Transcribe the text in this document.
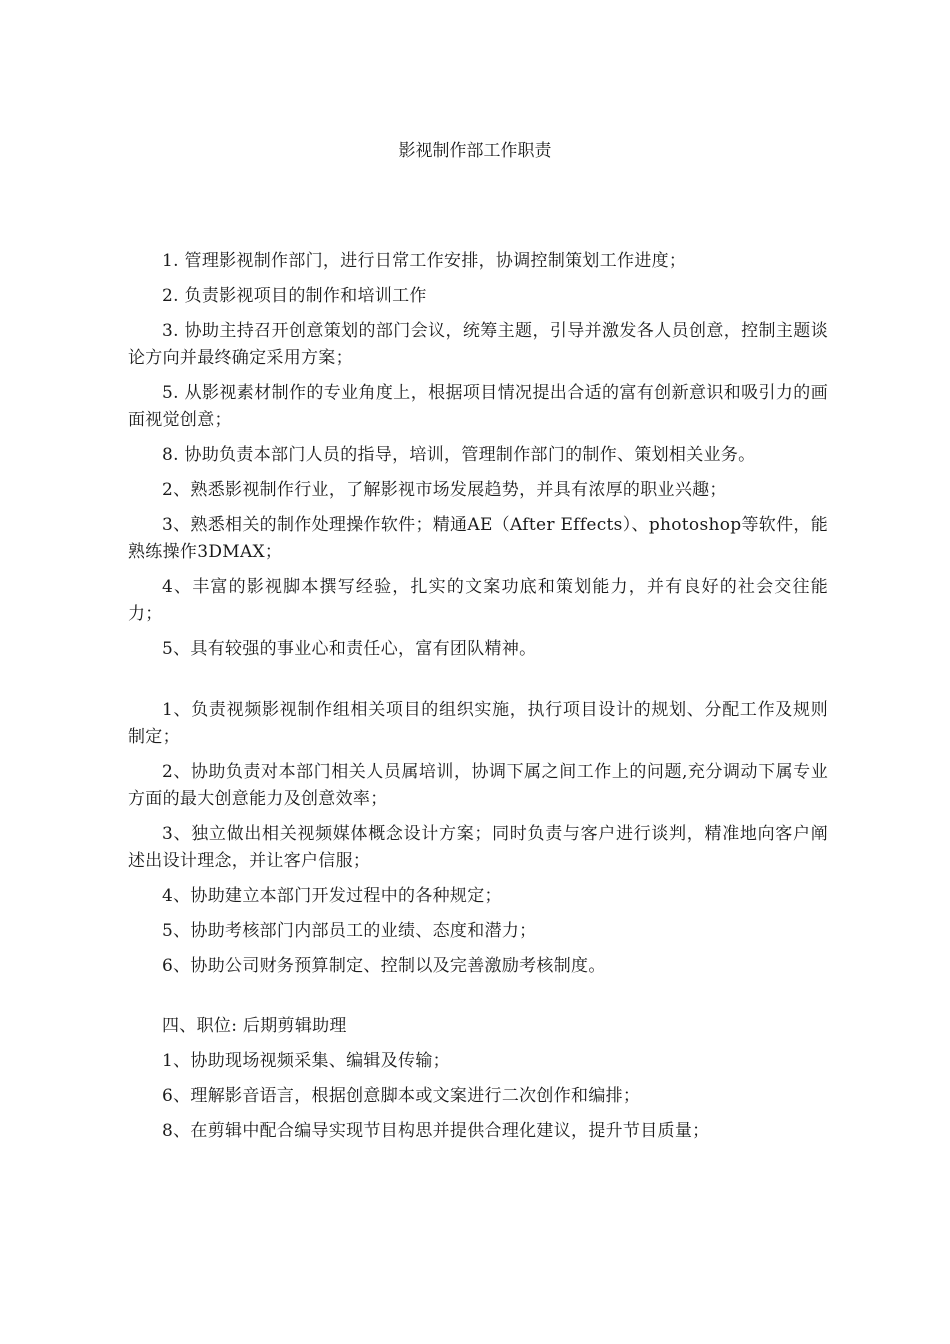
影视制作部工作职责

1. 管理影视制作部门，进行日常工作安排，协调控制策划工作进度；

2. 负责影视项目的制作和培训工作

3. 协助主持召开创意策划的部门会议，统筹主题，引导并激发各人员创意，控制主题谈论方向并最终确定采用方案；

5. 从影视素材制作的专业角度上，根据项目情况提出合适的富有创新意识和吸引力的画面视觉创意；

8. 协助负责本部门人员的指导，培训，管理制作部门的制作、策划相关业务。

2、熟悉影视制作行业，了解影视市场发展趋势，并具有浓厚的职业兴趣；

3、熟悉相关的制作处理操作软件；精通AE（After Effects）、photoshop等软件，能熟练操作3DMAX；

4、丰富的影视脚本撰写经验，扎实的文案功底和策划能力，并有良好的社会交往能力；

5、具有较强的事业心和责任心，富有团队精神。

1、负责视频影视制作组相关项目的组织实施，执行项目设计的规划、分配工作及规则制定；

2、协助负责对本部门相关人员属培训，协调下属之间工作上的问题,充分调动下属专业方面的最大创意能力及创意效率；

3、独立做出相关视频媒体概念设计方案；同时负责与客户进行谈判，精准地向客户阐述出设计理念，并让客户信服；

4、协助建立本部门开发过程中的各种规定；

5、协助考核部门内部员工的业绩、态度和潜力；

6、协助公司财务预算制定、控制以及完善激励考核制度。

四、职位: 后期剪辑助理

1、协助现场视频采集、编辑及传输；

6、理解影音语言，根据创意脚本或文案进行二次创作和编排；

8、在剪辑中配合编导实现节目构思并提供合理化建议，提升节目质量；
